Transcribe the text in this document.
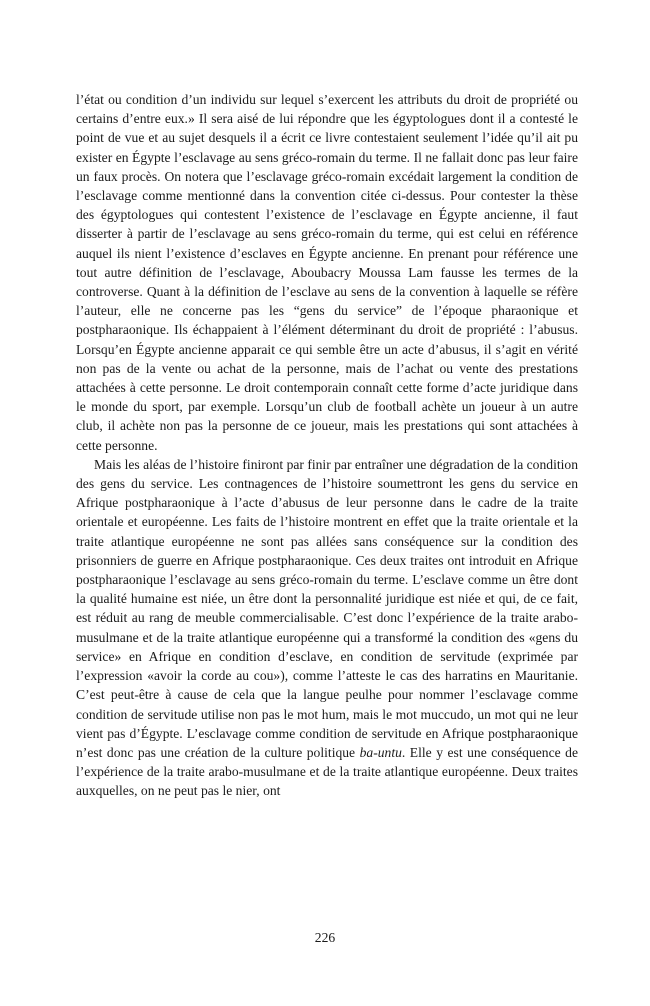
l’état ou condition d’un individu sur lequel s’exercent les attributs du droit de propriété ou certains d’entre eux.» Il sera aisé de lui répondre que les égyptologues dont il a contesté le point de vue et au sujet desquels il a écrit ce livre contestaient seulement l’idée qu’il ait pu exister en Égypte l’esclavage au sens gréco-romain du terme. Il ne fallait donc pas leur faire un faux procès. On notera que l’esclavage gréco-romain excédait largement la condition de l’esclavage comme mentionné dans la convention citée ci-dessus. Pour contester la thèse des égyptologues qui contestent l’existence de l’esclavage en Égypte ancienne, il faut disserter à partir de l’esclavage au sens gréco-romain du terme, qui est celui en référence auquel ils nient l’existence d’esclaves en Égypte ancienne. En prenant pour référence une tout autre définition de l’esclavage, Aboubacry Moussa Lam fausse les termes de la controverse. Quant à la définition de l’esclave au sens de la convention à laquelle se réfère l’auteur, elle ne concerne pas les “gens du service” de l’époque pharaonique et postpharaonique. Ils échappaient à l’élément déterminant du droit de propriété : l’abusus. Lorsqu’en Égypte ancienne apparait ce qui semble être un acte d’abusus, il s’agit en vérité non pas de la vente ou achat de la personne, mais de l’achat ou vente des prestations attachées à cette personne. Le droit contemporain connaît cette forme d’acte juridique dans le monde du sport, par exemple. Lorsqu’un club de football achète un joueur à un autre club, il achète non pas la personne de ce joueur, mais les prestations qui sont attachées à cette personne.

Mais les aléas de l’histoire finiront par finir par entraîner une dégradation de la condition des gens du service. Les contnagences de l’histoire soumettront les gens du service en Afrique postpharaonique à l’acte d’abusus de leur personne dans le cadre de la traite orientale et européenne. Les faits de l’histoire montrent en effet que la traite orientale et la traite atlantique européenne ne sont pas allées sans conséquence sur la condition des prisonniers de guerre en Afrique postpharaonique. Ces deux traites ont introduit en Afrique postpharaonique l’esclavage au sens gréco-romain du terme. L’esclave comme un être dont la qualité humaine est niée, un être dont la personnalité juridique est niée et qui, de ce fait, est réduit au rang de meuble commercialisable. C’est donc l’expérience de la traite arabo-musulmane et de la traite atlantique européenne qui a transformé la condition des «gens du service» en Afrique en condition d’esclave, en condition de servitude (exprimée par l’expression «avoir la corde au cou»), comme l’atteste le cas des harratins en Mauritanie. C’est peut-être à cause de cela que la langue peulhe pour nommer l’esclavage comme condition de servitude utilise non pas le mot hum, mais le mot muccudo, un mot qui ne leur vient pas d’Égypte. L’esclavage comme condition de servitude en Afrique postpharaonique n’est donc pas une création de la culture politique ba-untu. Elle y est une conséquence de l’expérience de la traite arabo-musulmane et de la traite atlantique européenne. Deux traites auxquelles, on ne peut pas le nier, ont

226
